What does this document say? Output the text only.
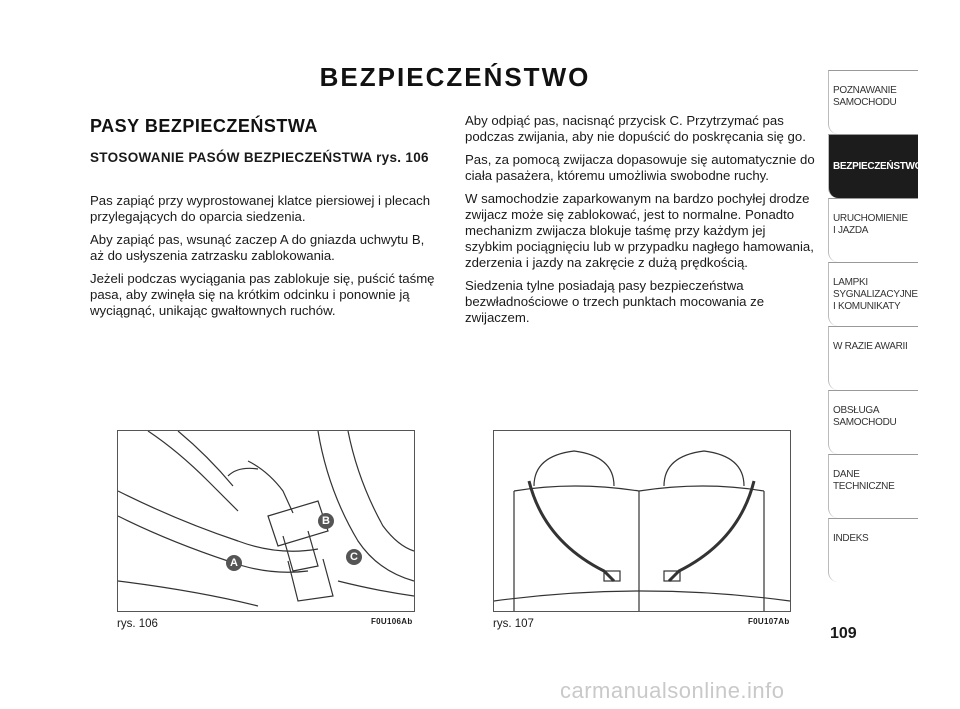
BEZPIECZEŃSTWO
PASY BEZPIECZEŃSTWA
STOSOWANIE PASÓW BEZPIECZEŃSTWA rys. 106

Pas zapiąć przy wyprostowanej klatce piersiowej i plecach przylegających do oparcia siedzenia.

Aby zapiąć pas, wsunąć zaczep A do gniazda uchwytu B, aż do usłyszenia zatrzasku zablokowania.

Jeżeli podczas wyciągania pas zablokuje się, puścić taśmę pasa, aby zwinęła się na krótkim odcinku i ponownie ją wyciągnąć, unikając gwałtownych ruchów.

Aby odpiąć pas, nacisnąć przycisk C. Przytrzymać pas podczas zwijania, aby nie dopuścić do poskręcania się go.

Pas, za pomocą zwijacza dopasowuje się automatycznie do ciała pasażera, któremu umożliwia swobodne ruchy.

W samochodzie zaparkowanym na bardzo pochyłej drodze zwijacz może się zablokować, jest to normalne. Ponadto mechanizm zwijacza blokuje taśmę przy każdym jej szybkim pociągnięciu lub w przypadku nagłego hamowania, zderzenia i jazdy na zakręcie z dużą prędkością.

Siedzenia tylne posiadają pasy bezpieczeństwa bezwładnościowe o trzech punktach mocowania ze zwijaczem.

A
B
C
rys. 106	F0U106Ab	rys. 107	F0U107Ab
POZNAWANIE
SAMOCHODU
BEZPIECZEŃSTWO
URUCHOMIENIE
I JAZDA
LAMPKI
SYGNALIZACYJNE
I KOMUNIKATY
W RAZIE AWARII
OBSŁUGA
SAMOCHODU
DANE
TECHNICZNE
INDEKS
109
carmanualsonline.info
